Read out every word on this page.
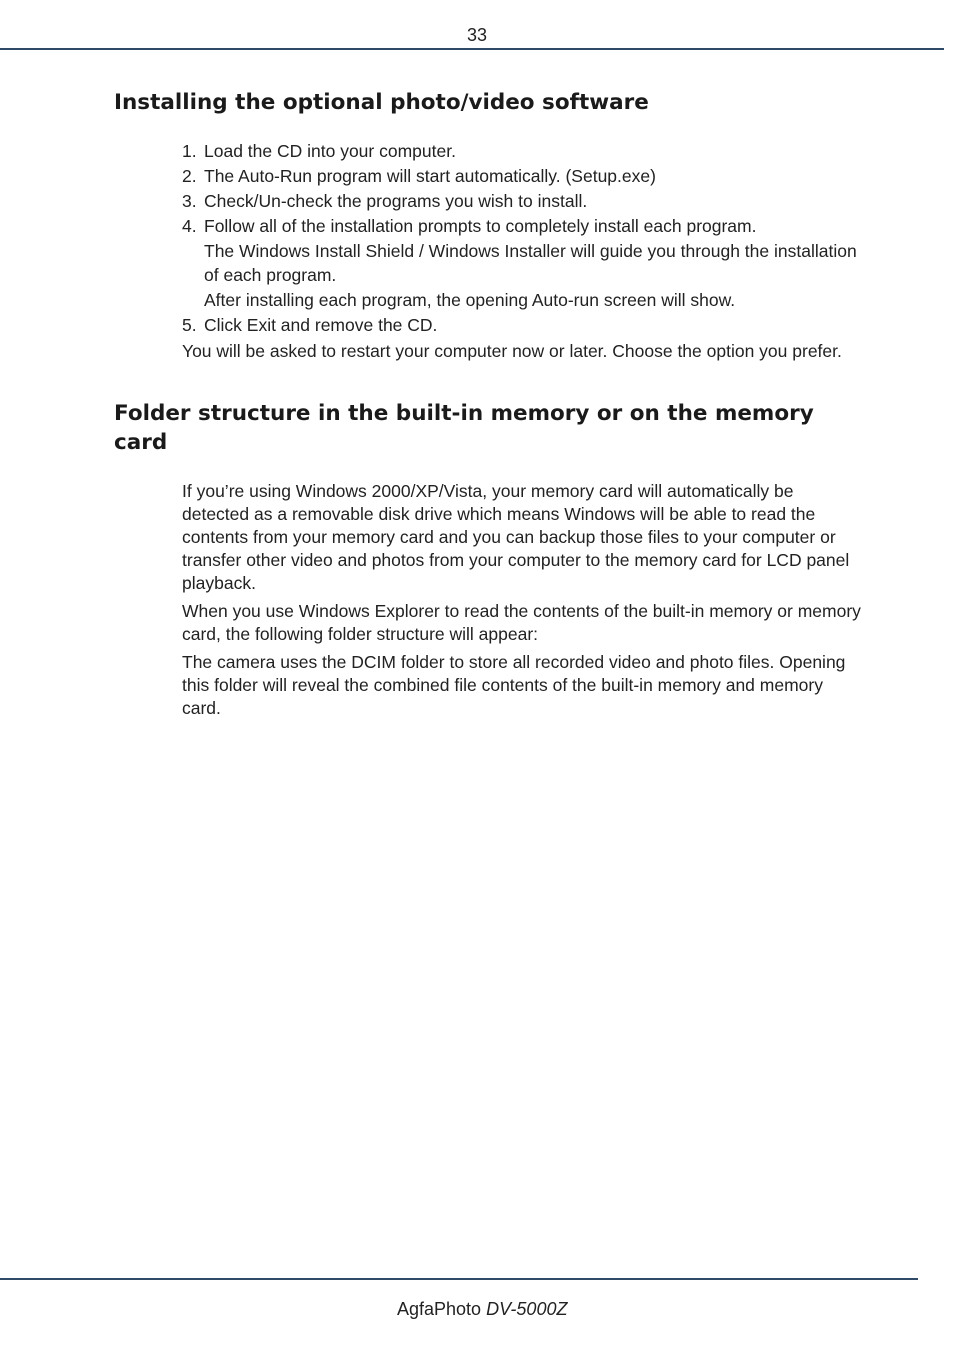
33
Installing the optional photo/video software
1. Load the CD into your computer.

2. The Auto-Run program will start automatically. (Setup.exe)

3. Check/Un-check the programs you wish to install.

4. Follow all of the installation prompts to completely install each program.

The Windows Install Shield / Windows Installer will guide you through the installation of each program.

After installing each program, the opening Auto-run screen will show.

5. Click Exit and remove the CD.

You will be asked to restart your computer now or later. Choose the option you prefer.

Folder structure in the built-in memory or on the memory card

If you’re using Windows 2000/XP/Vista, your memory card will automatically be detected as a removable disk drive which means Windows will be able to read the contents from your memory card and you can backup those files to your computer or transfer other video and photos from your computer to the memory card for LCD panel playback.

When you use Windows Explorer to read the contents of the built-in memory or memory card, the following folder structure will appear:

The camera uses the DCIM folder to store all recorded video and photo files. Opening this folder will reveal the combined file contents of the built-in memory and memory card.

AgfaPhoto DV-5000Z
